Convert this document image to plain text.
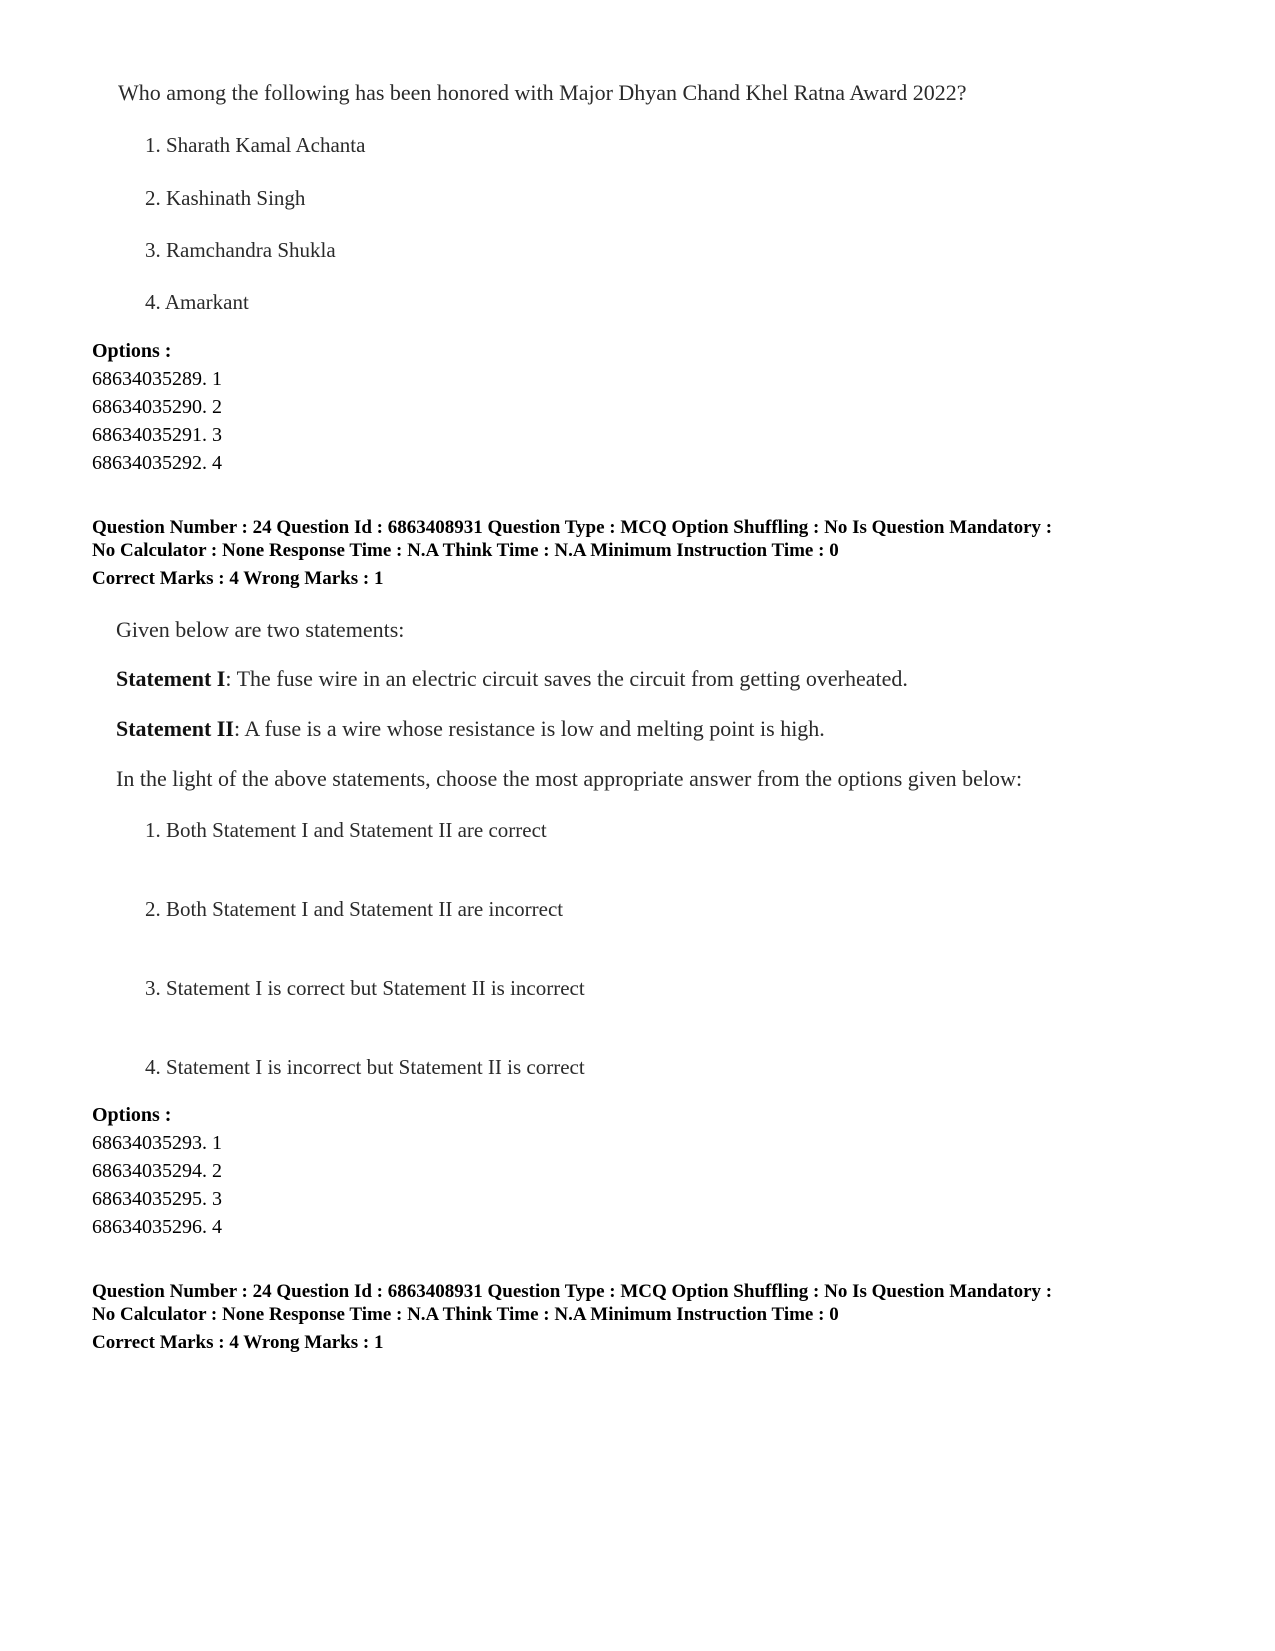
Who among the following has been honored with Major Dhyan Chand Khel Ratna Award 2022?
1. Sharath Kamal Achanta
2. Kashinath Singh
3. Ramchandra Shukla
4. Amarkant
Options :
68634035289. 1
68634035290. 2
68634035291. 3
68634035292. 4
Question Number : 24 Question Id : 6863408931 Question Type : MCQ Option Shuffling : No Is Question Mandatory :
No Calculator : None Response Time : N.A Think Time : N.A Minimum Instruction Time : 0
Correct Marks : 4 Wrong Marks : 1
Given below are two statements:
Statement I: The fuse wire in an electric circuit saves the circuit from getting overheated.
Statement II: A fuse is a wire whose resistance is low and melting point is high.
In the light of the above statements, choose the most appropriate answer from the options given below:
1. Both Statement I and Statement II are correct
2. Both Statement I and Statement II are incorrect
3. Statement I is correct but Statement II is incorrect
4. Statement I is incorrect but Statement II is correct
Options :
68634035293. 1
68634035294. 2
68634035295. 3
68634035296. 4
Question Number : 24 Question Id : 6863408931 Question Type : MCQ Option Shuffling : No Is Question Mandatory :
No Calculator : None Response Time : N.A Think Time : N.A Minimum Instruction Time : 0
Correct Marks : 4 Wrong Marks : 1
